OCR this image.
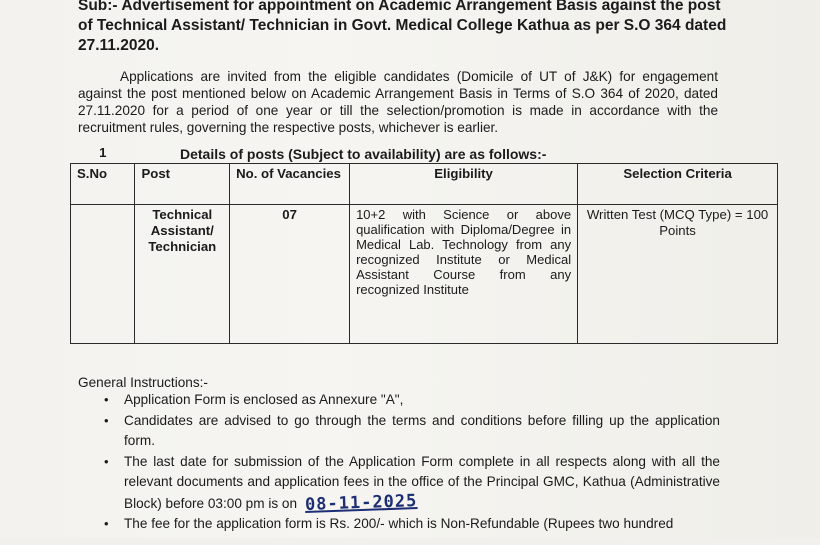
Sub:- Advertisement for appointment on Academic Arrangement Basis against the post of Technical Assistant/ Technician in Govt. Medical College Kathua as per S.O 364 dated 27.11.2020.
Applications are invited from the eligible candidates (Domicile of UT of J&K) for engagement against the post mentioned below on Academic Arrangement Basis in Terms of S.O 364 of 2020, dated 27.11.2020 for a period of one year or till the selection/promotion is made in accordance with the recruitment rules, governing the respective posts, whichever is earlier.
Details of posts (Subject to availability) are as follows:-
S.No	Post	No. of Vacancies	Eligibility	Selection Criteria

1	Technical Assistant/ Technician	07	10+2 with Science or above qualification with Diploma/Degree in Medical Lab. Technology from any recognized Institute or Medical Assistant Course from any recognized Institute	Written Test (MCQ Type) = 100 Points
General Instructions:-
• Application Form is enclosed as Annexure "A",
• Candidates are advised to go through the terms and conditions before filling up the application form.
• The last date for submission of the Application Form complete in all respects along with all the relevant documents and application fees in the office of the Principal GMC, Kathua (Administrative Block) before 03:00 pm is on 08-11-2025
• The fee for the application form is Rs. 200/- which is Non-Refundable (Rupees two hundred
